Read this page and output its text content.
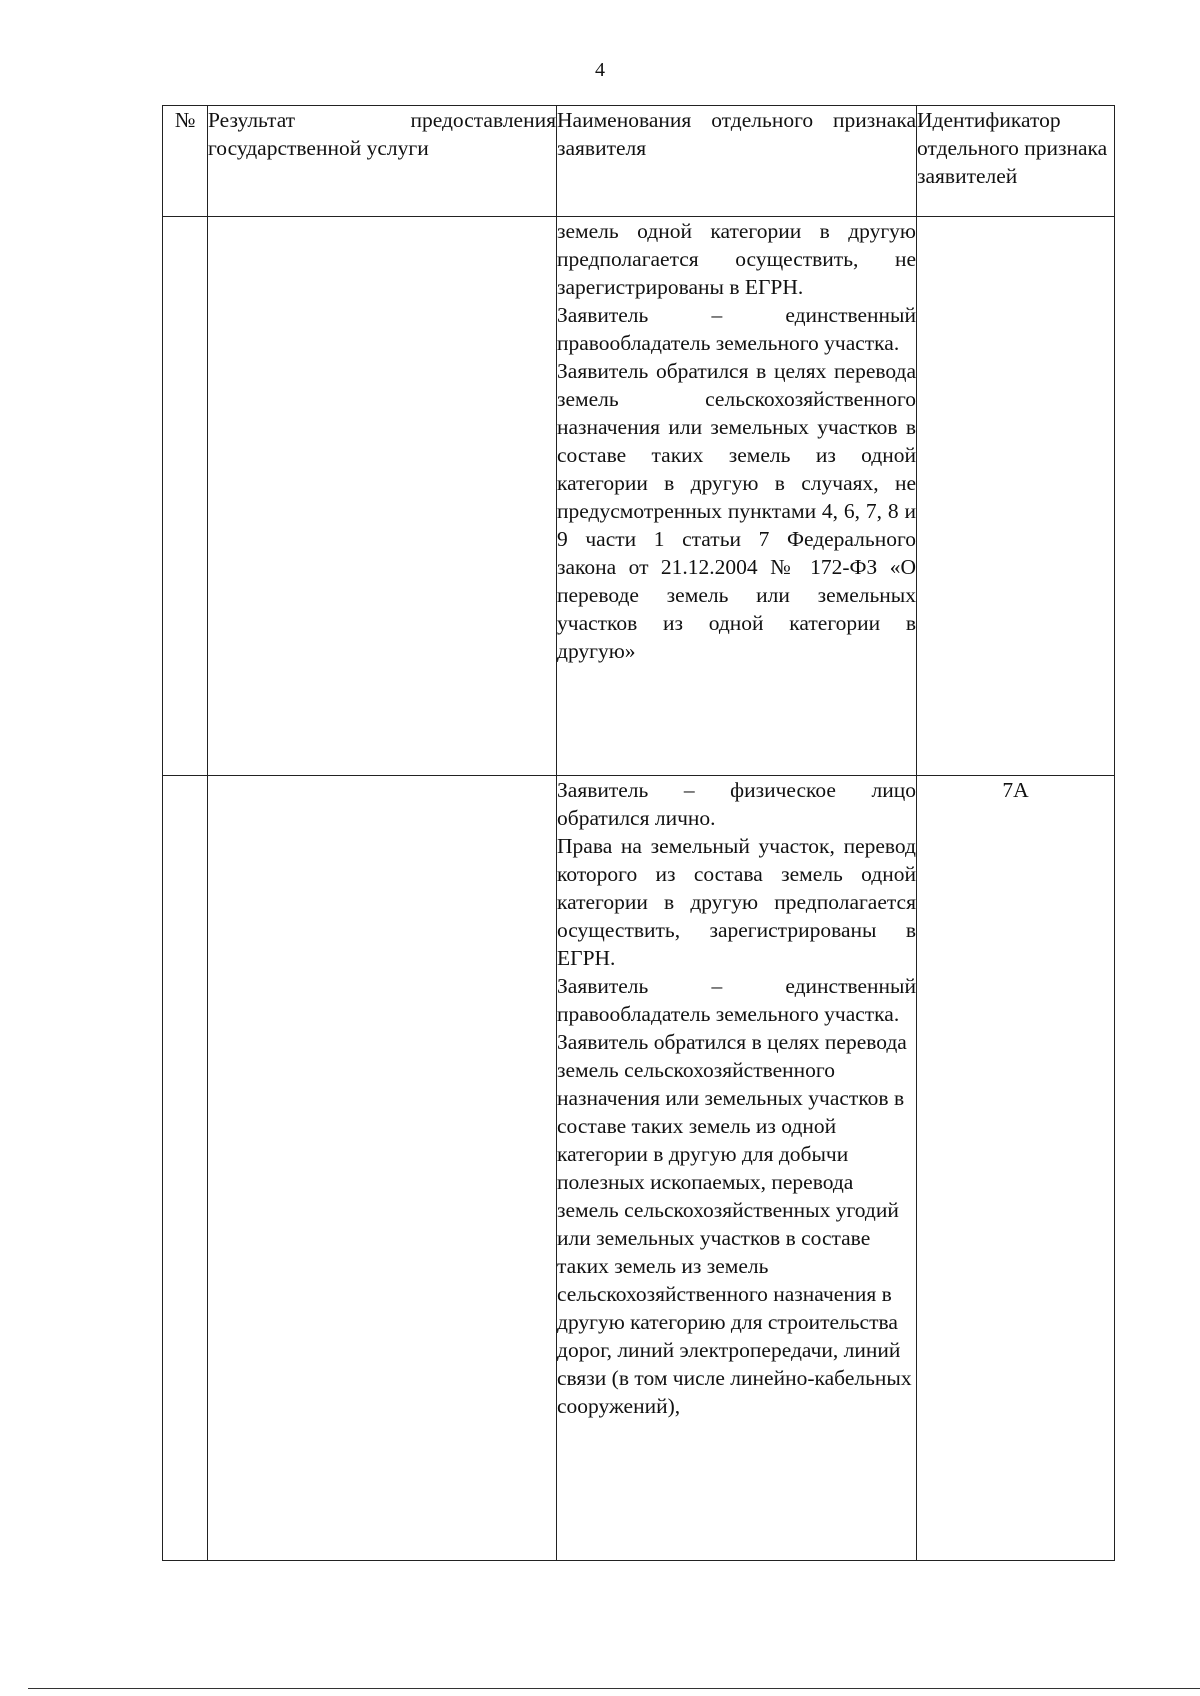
4
№	Результат предоставления государственной услуги	Наименования отдельного признака заявителя	Идентификатор отдельного признака заявителей

		земель одной категории в другую предполагается осуществить, не зарегистрированы в ЕГРН.

Заявитель – единственный правообладатель земельного участка.

Заявитель обратился в целях перевода земель сельскохозяйственного назначения или земельных участков в составе таких земель из одной категории в другую в случаях, не предусмотренных пунктами 4, 6, 7, 8 и 9 части 1 статьи 7 Федерального закона от 21.12.2004 № 172-ФЗ «О переводе земель или земельных участков из одной категории в другую»	

		Заявитель – физическое лицо обратился лично.

Права на земельный участок, перевод которого из состава земель одной категории в другую предполагается осуществить, зарегистрированы в ЕГРН.

Заявитель – единственный правообладатель земельного участка.

Заявитель обратился в целях перевода земель сельскохозяйственного назначения или земельных участков в составе таких земель из одной категории в другую для добычи полезных ископаемых, перевода земель сельскохозяйственных угодий или земельных участков в составе таких земель из земель сельскохозяйственного назначения в другую категорию для строительства дорог, линий электропередачи, линий связи (в том числе линейно-кабельных сооружений),	7А
